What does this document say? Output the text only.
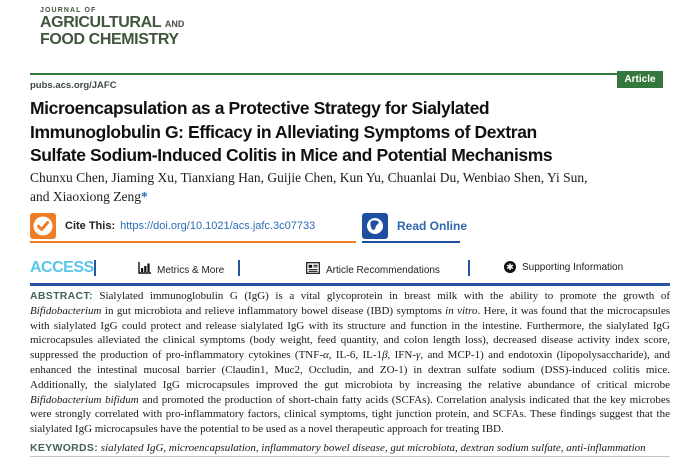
JOURNAL OF
AGRICULTURAL AND
FOOD CHEMISTRY
Article
pubs.acs.org/JAFC
Microencapsulation as a Protective Strategy for Sialylated
Immunoglobulin G: Efficacy in Alleviating Symptoms of Dextran
Sulfate Sodium-Induced Colitis in Mice and Potential Mechanisms
Chunxu Chen, Jiaming Xu, Tianxiang Han, Guijie Chen, Kun Yu, Chuanlai Du, Wenbiao Shen, Yi Sun,
and Xiaoxiong Zeng*
Cite This: https://doi.org/10.1021/acs.jafc.3c07733	Read Online
ACCESS	Metrics & More	Article Recommendations	✱ Supporting Information

ABSTRACT: Sialylated immunoglobulin G (IgG) is a vital glycoprotein in breast milk with the ability to promote the growth of Bifidobacterium in gut microbiota and relieve inflammatory bowel disease (IBD) symptoms in vitro. Here, it was found that the microcapsules with sialylated IgG could protect and release sialylated IgG with its structure and function in the intestine. Furthermore, the sialylated IgG microcapsules alleviated the clinical symptoms (body weight, feed quantity, and colon length loss), decreased disease activity index score, suppressed the production of pro-inflammatory cytokines (TNF-α, IL-6, IL-1β, IFN-γ, and MCP-1) and endotoxin (lipopolysaccharide), and enhanced the intestinal mucosal barrier (Claudin1, Muc2, Occludin, and ZO-1) in dextran sulfate sodium (DSS)-induced colitis mice. Additionally, the sialylated IgG microcapsules improved the gut microbiota by increasing the relative abundance of critical microbe Bifidobacterium bifidum and promoted the production of short-chain fatty acids (SCFAs). Correlation analysis indicated that the key microbes were strongly correlated with pro-inflammatory factors, clinical symptoms, tight junction protein, and SCFAs. These findings suggest that the sialylated IgG microcapsules have the potential to be used as a novel therapeutic approach for treating IBD.

KEYWORDS: sialylated IgG, microencapsulation, inflammatory bowel disease, gut microbiota, dextran sodium sulfate, anti-inflammation
